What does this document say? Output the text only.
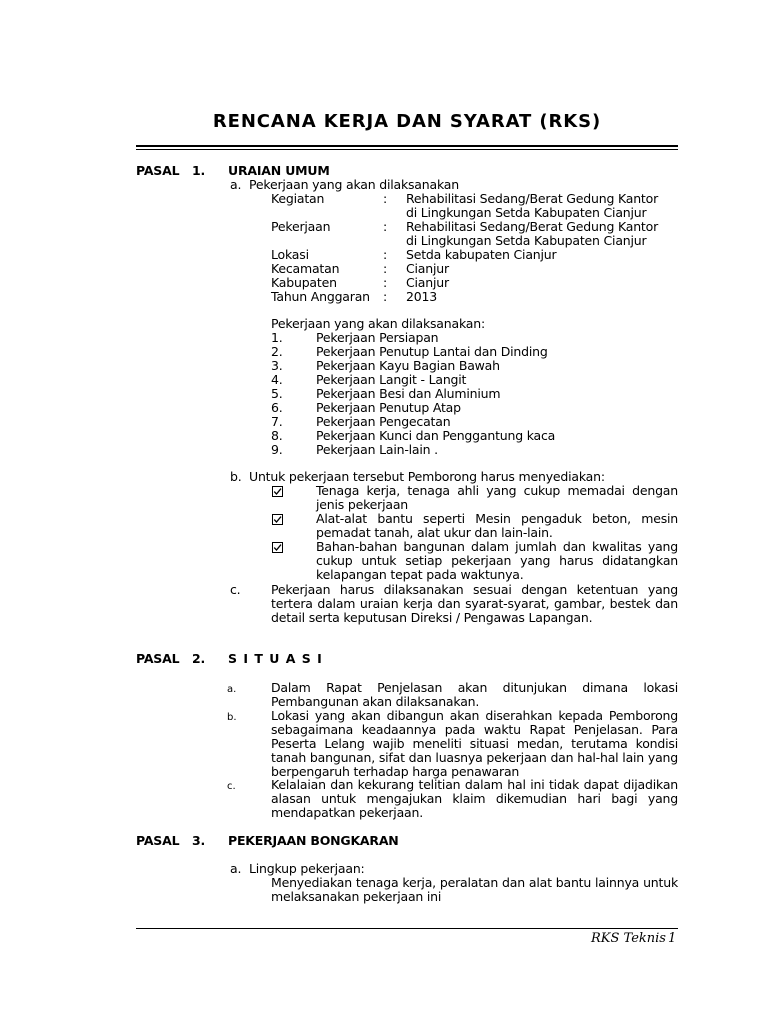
RENCANA KERJA DAN SYARAT (RKS)
PASAL 1. URAIAN UMUM
a. Pekerjaan yang akan dilaksanakan
Kegiatan	: Rehabilitasi Sedang/Berat Gedung Kantor
di Lingkungan Setda Kabupaten Cianjur
Pekerjaan	: Rehabilitasi Sedang/Berat Gedung Kantor
di Lingkungan Setda Kabupaten Cianjur
Lokasi	: Setda kabupaten Cianjur
Kecamatan	: Cianjur
Kabupaten	: Cianjur
Tahun Anggaran : 2013
Pekerjaan yang akan dilaksanakan:
1.	Pekerjaan Persiapan
2.	Pekerjaan Penutup Lantai dan Dinding
3.	Pekerjaan Kayu Bagian Bawah
4.	Pekerjaan Langit - Langit
5.	Pekerjaan Besi dan Aluminium
6.	Pekerjaan Penutup Atap
7.	Pekerjaan Pengecatan
8.	Pekerjaan Kunci dan Penggantung kaca
9.	Pekerjaan Lain-lain .
b. Untuk pekerjaan tersebut Pemborong harus menyediakan:
Tenaga kerja, tenaga ahli yang cukup memadai dengan jenis pekerjaan
Alat-alat bantu seperti Mesin pengaduk beton, mesin pemadat tanah, alat ukur dan lain-lain.
Bahan-bahan bangunan dalam jumlah dan kwalitas yang cukup untuk setiap pekerjaan yang harus didatangkan kelapangan tepat pada waktunya.
c. Pekerjaan harus dilaksanakan sesuai dengan ketentuan yang tertera dalam uraian kerja dan syarat-syarat, gambar, bestek dan detail serta keputusan Direksi / Pengawas Lapangan.
PASAL 2. S I T U A S I
a.	Dalam Rapat Penjelasan akan ditunjukan dimana lokasi Pembangunan akan dilaksanakan.
b.	Lokasi yang akan dibangun akan diserahkan kepada Pemborong sebagaimana keadaannya pada waktu Rapat Penjelasan. Para Peserta Lelang wajib meneliti situasi medan, terutama kondisi tanah bangunan, sifat dan luasnya pekerjaan dan hal-hal lain yang berpengaruh terhadap harga penawaran
c.	Kelalaian dan kekurang telitian dalam hal ini tidak dapat dijadikan alasan untuk mengajukan klaim dikemudian hari bagi yang mendapatkan pekerjaan.
PASAL 3. PEKERJAAN BONGKARAN
a. Lingkup pekerjaan:
Menyediakan tenaga kerja, peralatan dan alat bantu lainnya untuk melaksanakan pekerjaan ini
RKS Teknis 1
